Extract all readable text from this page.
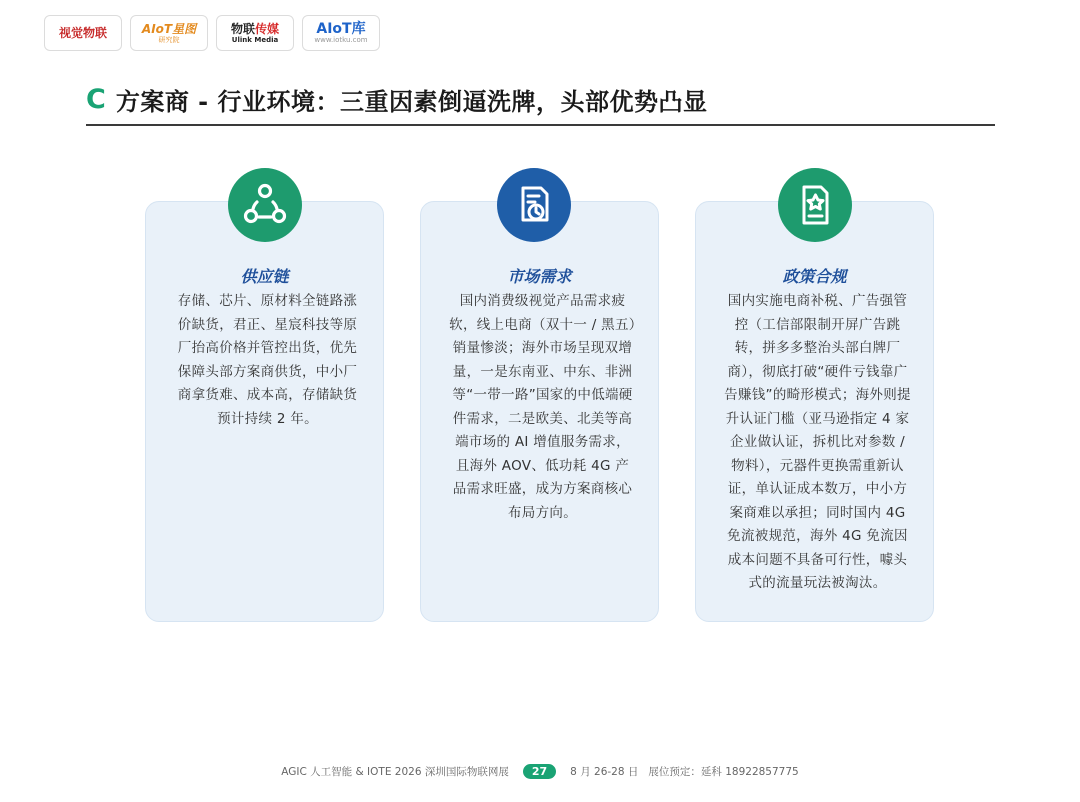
视觉物联	AIoT星图
研究院
物联传媒
Ulink Media
AIoT库
www.iotku.com
C 方案商 - 行业环境：三重因素倒逼洗牌，头部优势凸显
供应链
存储、芯片、原材料全链路涨价缺货，君正、星宸科技等原厂抬高价格并管控出货，优先保障头部方案商供货，中小厂商拿货难、成本高，存储缺货预计持续 2 年。
市场需求
国内消费级视觉产品需求疲软，线上电商（双十一 / 黑五）销量惨淡；海外市场呈现双增量，一是东南亚、中东、非洲等“一带一路”国家的中低端硬件需求，二是欧美、北美等高端市场的 AI 增值服务需求，且海外 AOV、低功耗 4G 产品需求旺盛，成为方案商核心布局方向。
政策合规
国内实施电商补税、广告强管控（工信部限制开屏广告跳转，拼多多整治头部白牌厂商），彻底打破“硬件亏钱靠广告赚钱”的畸形模式；海外则提升认证门槛（亚马逊指定 4 家企业做认证，拆机比对参数 / 物料），元器件更换需重新认证，单认证成本数万，中小方案商难以承担；同时国内 4G 免流被规范，海外 4G 免流因成本问题不具备可行性，噱头式的流量玩法被淘汰。
AGIC 人工智能 & IOTE 2026 深圳国际物联网展	27	8 月 26-28 日 展位预定：延科 18922857775
